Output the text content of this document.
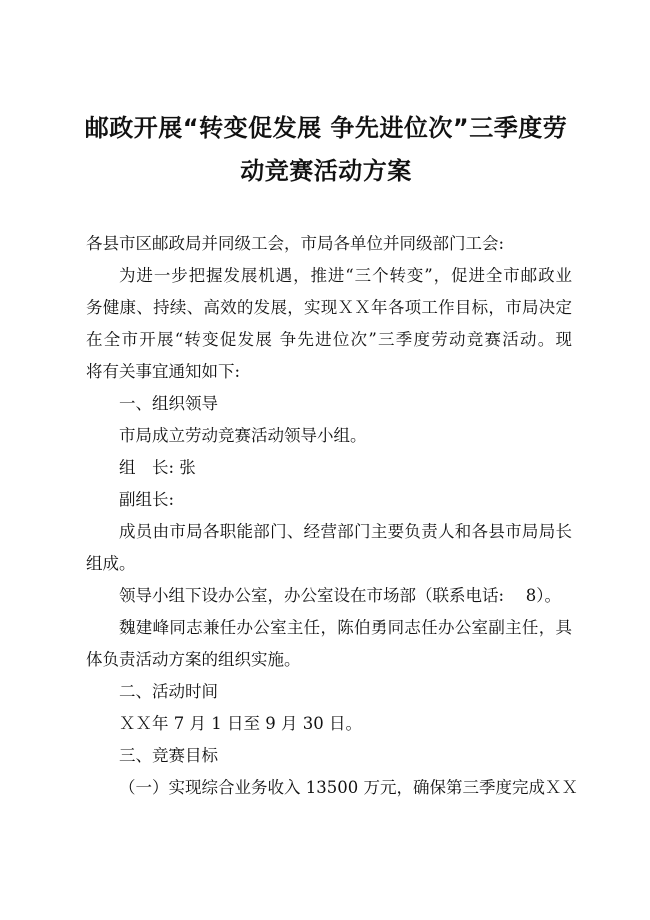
邮政开展“转变促发展 争先进位次”三季度劳
动竞赛活动方案
各县市区邮政局并同级工会，市局各单位并同级部门工会:
为进一步把握发展机遇，推进“三个转变”，促进全市邮政业
务健康、持续、高效的发展，实现ＸＸ年各项工作目标，市局决定
在全市开展“转变促发展 争先进位次”三季度劳动竞赛活动。现
将有关事宜通知如下:
一、组织领导
市局成立劳动竞赛活动领导小组。
组　长: 张
副组长:
成员由市局各职能部门、经营部门主要负责人和各县市局局长
组成。
领导小组下设办公室，办公室设在市场部（联系电话:　 8）。
魏建峰同志兼任办公室主任，陈伯勇同志任办公室副主任，具
体负责活动方案的组织实施。
二、活动时间
ＸＸ年 7 月 1 日至 9 月 30 日。
三、竞赛目标
（一）实现综合业务收入 13500 万元，确保第三季度完成ＸＸ
